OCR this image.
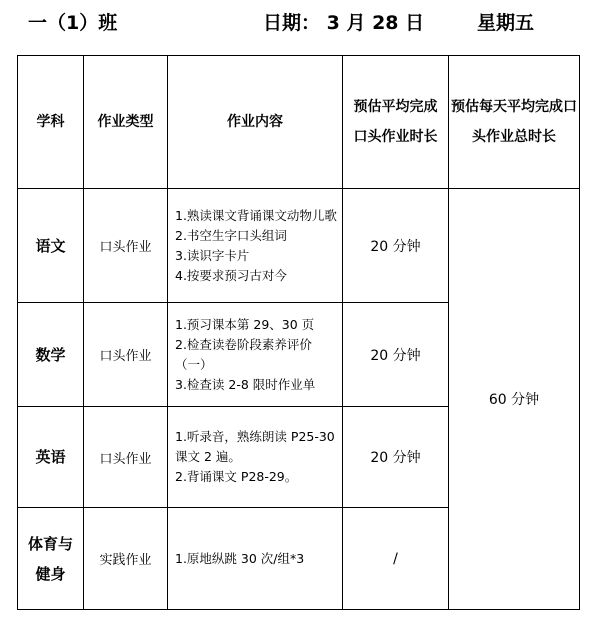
一（1）班	日期： 3 月 28 日	星期五
学科	作业类型	作业内容	预估平均完成口头作业时长	预估每天平均完成口头作业总时长
语文	口头作业	1.熟读课文背诵课文动物儿歌
2.书空生字口头组词
3.读识字卡片
4.按要求预习古对今	20 分钟	60 分钟
数学	口头作业	1.预习课本第 29、30 页
2.检查读卷阶段素养评价（一）
3.检查读 2-8 限时作业单	20 分钟	
英语	口头作业	1.听录音，熟练朗读 P25-30 课文 2 遍。
2.背诵课文 P28-29。	20 分钟	
体育与健身	实践作业	1.原地纵跳 30 次/组*3	/	
